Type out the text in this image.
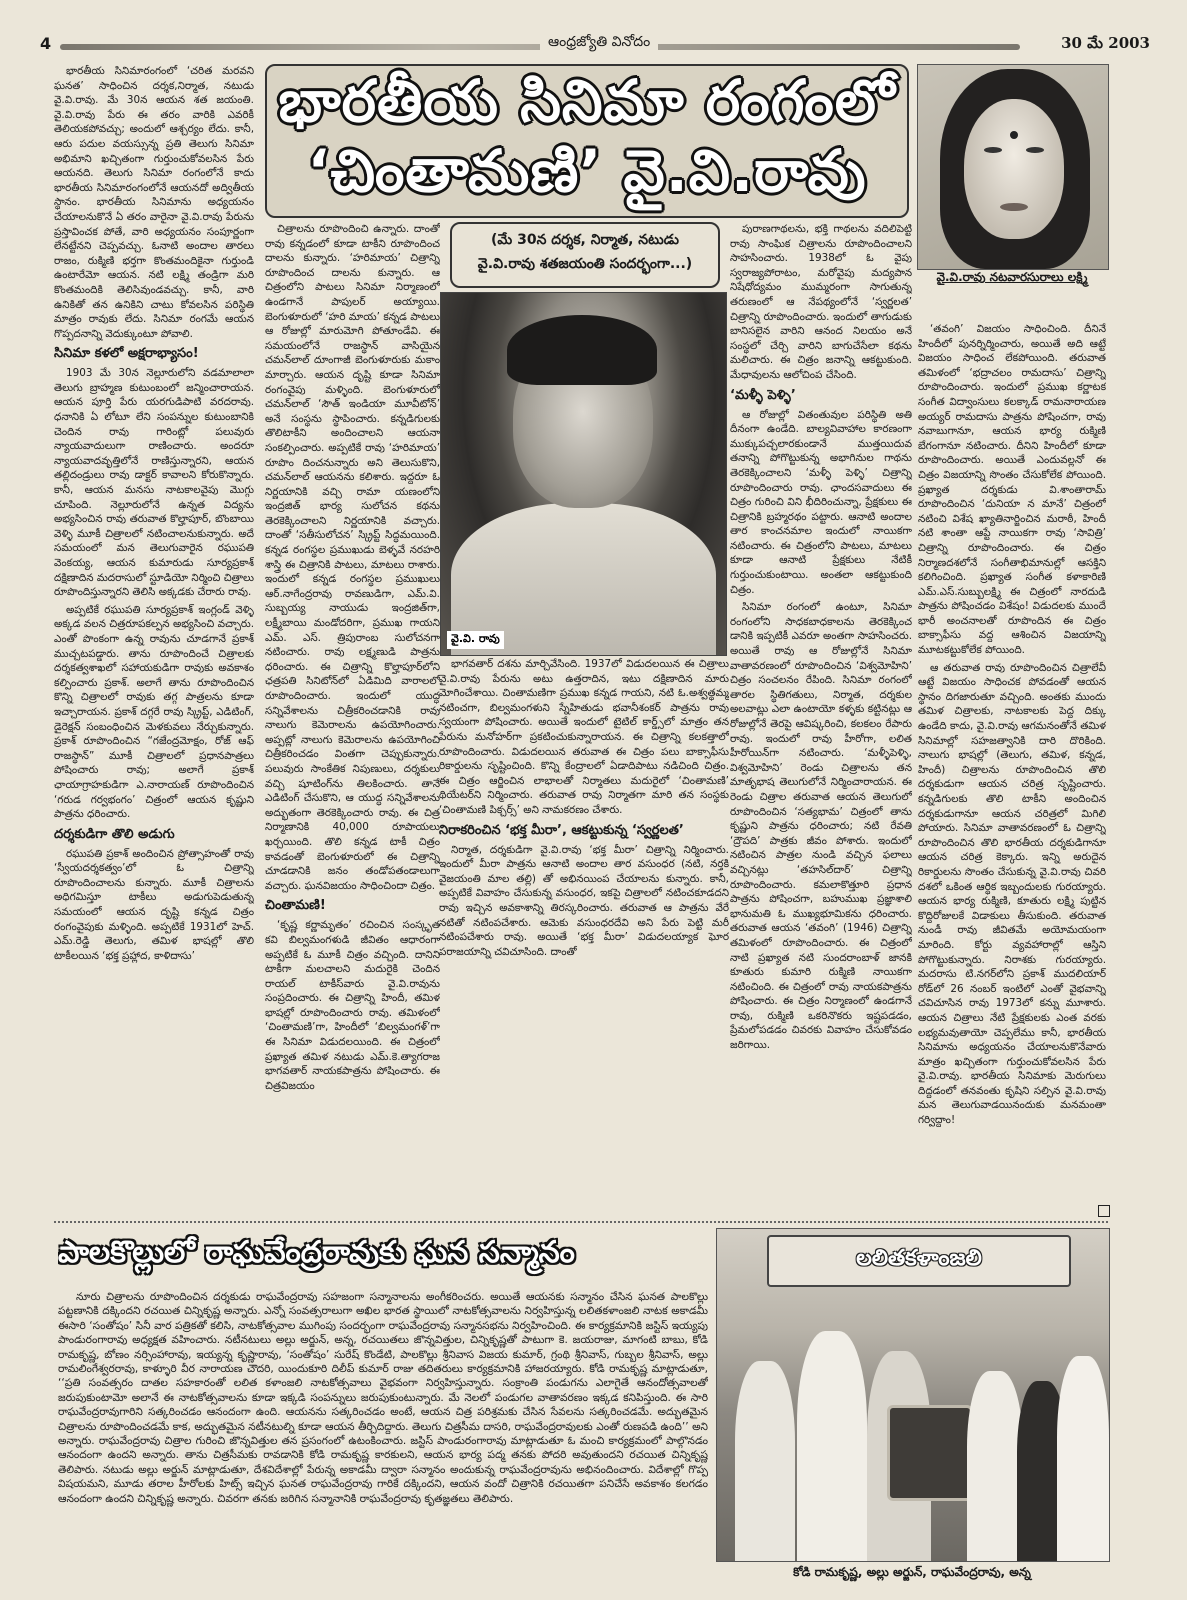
4	ఆంధ్రజ్యోతి వినోదం	30 మే 2003

భారతీయ సినిమారంగంలో ‘చరిత మరవని ఘనత’ సాధించిన దర్శక,నిర్మాత, నటుడు వై.వి.రావు. మే 30న ఆయన శత జయంతి. వై.వి.రావు పేరు ఈ తరం వారికి ఎవరికీ తెలియకపోవచ్చు; అందులో ఆశ్చర్యం లేదు. కానీ, ఆరు పదుల వయస్సున్న ప్రతి తెలుగు సినిమా అభిమాని ఖచ్చితంగా గుర్తుంచుకోవలసిన పేరు ఆయనది. తెలుగు సినిమా రంగంలోనే కాదు భారతీయ సినిమారంగంలోనే ఆయనదో అద్వితీయ స్థానం. భారతీయ సినిమాను అధ్యయనం చేయాలనుకొనే ఏ తరం వారైనా వై.వి.రావు పేరును ప్రస్తావించక పోతే, వారి అధ్యయనం సంపూర్ణంగా లేనట్టేనని చెప్పవచ్చు. ఓనాటి అందాల తారలు రాజం, రుక్మిణి భర్తగా కొంతమందికైనా గుర్తుండి ఉంటారేమో ఆయన. నటి లక్ష్మి తండ్రిగా మరి కొంతమందికి తెలిసివుండవచ్చు. కానీ, వారి ఉనికితో తన ఉనికిని చాటు కోవలసిన పరిస్థితి మాత్రం రావుకు లేదు. సినిమా రంగమే ఆయన గొప్పదనాన్ని వెదుక్కుంటూ పోవాలి.

సినిమా కళలో అక్షరాభ్యాసం!

1903 మే 30న నెల్లూరులోని వడమాలాలా తెలుగు బ్రాహ్మణ కుటుంబంలో జన్మించారాయన. ఆయన పూర్తి పేరు యరగుడిపాటి వరదరావు. ధనానికి ఏ లోటూ లేని సంపన్నుల కుటుంబానికి చెందిన రావు గారింట్లో పలువురు న్యాయవాదులుగా రాణించారు. అందరూ న్యాయవాదవృత్తిలోనే రాణిస్తున్నారని, ఆయన తల్లిదండ్రులు రావు డాక్టర్ కావాలని కోరుకొన్నారు. కానీ, ఆయన మనసు నాటకాలవైపు మొగ్గు చూపింది. నెల్లూరులోనే ఉన్నత విద్యను అభ్యసించిన రావు తరువాత కొల్హాపూర్, బొంబాయి వెళ్ళి మూకీ చిత్రాలలో నటించాలనుకున్నారు. అదే సమయంలో మన తెలుగువారైన రఘుపతి వెంకయ్య, ఆయన కుమారుడు సూర్యప్రకాశ్ దక్షిణాదిన మదరాసులో స్టూడియో నిర్మించి చిత్రాలు రూపొందిస్తున్నారని తెలిసి అక్కడకు చేరారు రావు.

అప్పటికే రఘుపతి సూర్యప్రకాశ్ ఇంగ్లండ్ వెళ్ళి అక్కడ వలన చిత్రరూపకల్పన అభ్యసించి వచ్చారు. ఎంతో పొంకంగా ఉన్న రావును చూడగానే ప్రకాశ్ ముచ్చటపడ్డారు. తాను రూపొందించే చిత్రాలకు దర్శకత్వశాఖలో సహాయకుడిగా రావుకు అవకాశం కల్పించారు ప్రకాశ్. అలాగే తాను రూపొందించిన కొన్ని చిత్రాలలో రావుకు తగ్గ పాత్రలను కూడా ఇచ్చారాయన. ప్రకాశ్ దగ్గరే రావు స్క్రిప్ట్, ఎడిటింగ్, డైరెక్షన్ సంబంధించిన మెళకువలు నేర్చుకున్నారు. ప్రకాశ్ రూపొందించిన “గజేంద్రమోక్షం, రోజ్ ఆఫ్ రాజస్థాన్” మూకీ చిత్రాలలో ప్రధానపాత్రలు పోషించారు రావు; అలాగే ప్రకాశ్ ఛాయాగ్రాహకుడిగా ఎ.నారాయణ్ రూపొందించిన ‘గరుడ గర్వభంగం’ చిత్రంలో ఆయన కృష్ణుని పాత్రను ధరించారు.

దర్శకుడిగా తొలి అడుగు

రఘుపతి ప్రకాశ్ అందించిన ప్రోత్సాహంతో రావు ‘స్వీయదర్శకత్వం’లో ఓ చిత్రాన్ని రూపొందించాలను కున్నారు. మూకీ చిత్రాలను అధిగమిస్తూ టాకీలు అడుగుపెడుతున్న సమయంలో ఆయన దృష్టి కన్నడ చిత్రం రంగంవైపుకు మళ్ళింది. అప్పటికే 1931లో హెచ్. ఎమ్.రెడ్డి తెలుగు, తమిళ భాషల్లో తొలి టాకీలయిన ‘భక్త ప్రహ్లాద, కాళిదాసు’

భారతీయ సినిమా రంగంలో
‘చింతామణి’ వై.వి.రావు
వై.వి.రావు నటవారసురాలు లక్ష్మి

చిత్రాలను రూపొందించి ఉన్నారు. దాంతో రావు కన్నడంలో కూడా టాకీని రూపొందించ దాలను కున్నారు. ‘హరిమాయ’ చిత్రాన్ని రూపొందించ దాలను కున్నారు. ఆ చిత్రంలోని పాటలు సినిమా నిర్మాణంలో ఉండగానే పాపులర్ అయ్యాయి. బెంగుళూరులో ‘హరి మాయ’ కన్నడ పాటలు ఆ రోజుల్లో మారుమోగి పోతూండేవి. ఈ సమయంలోనే రాజస్థాన్ వాసియైన చమన్‌లాల్ దూంగాజీ బెంగుళూరుకు మకాం మార్చారు. ఆయన దృష్టి కూడా సినిమా రంగంవైపు మళ్ళింది. బెంగుళూరులో చమన్‌లాల్ ‘సౌత్ ఇండియా మూవీటోన్’ అనే సంస్థను స్థాపించారు. కన్నడిగులకు తొలిటాకీని అందించాలని ఆయనా సంకల్పించారు. అప్పటికే రావు ‘హరిమాయ’ రూపొం దించనున్నారు అని తెలుసుకొని, చమన్‌లాల్ ఆయనను కలిశారు. ఇద్దరూ ఓ నిర్ణయానికి వచ్చి రామా యణంలోని ఇంద్రజిత్ భార్య సులోచన కథను తెరకెక్కించాలని నిర్ణయానికి వచ్చారు. దాంతో ‘సతీసులోచన’ స్క్రిప్ట్ సిద్ధమయింది. కన్నడ రంగస్థల ప్రముఖుడు బెళ్ళవే నరహరి శాస్త్రి ఈ చిత్రానికి పాటలు, మాటలు రాశారు. ఇందులో కన్నడ రంగస్థల ప్రముఖులు ఆర్.నాగేంద్రరావు రావణుడిగా, ఎమ్.వి. సుబ్బయ్య నాయుడు ఇంద్రజిత్‌గా, లక్ష్మీబాయి మండోదరిగా, ప్రముఖ గాయని ఎమ్. ఎస్. త్రిపురాంబ సులోచనగా నటించారు. రావు లక్ష్మణుడి పాత్రను ధరించారు. ఈ చిత్రాన్ని కొల్హాపూర్‌లోని ఛత్రపతి సినిటోన్‌లో ఏడిమిది వారాలలో రూపొందించారు. ఇందులో యుద్ధ సన్నివేశాలను చిత్రీకరించడానికి రావు నాలుగు కెమెరాలను ఉపయోగించారు. అప్పట్లో నాలుగు కెమెరాలను ఉపయోగించి చిత్రీకరించడం వింతగా చెప్పుకున్నారు. పలువురు సాంకేతిక నిపుణులు, దర్శకులు వచ్చి షూటింగ్‌ను తిలకించారు. తానే ఎడిటింగ్ చేసుకొని, ఆ యుద్ధ సన్నివేశాలను అద్భుతంగా తెరకెక్కించారు రావు. ఈ చిత్ర నిర్మాణానికి 40,000 రూపాయలు ఖర్చయింది. తొలి కన్నడ టాకీ చిత్రం కావడంతో బెంగుళూరులో ఈ చిత్రాన్ని చూడడానికి జనం తండోపతండాలుగా వచ్చారు. ఘనవిజయం సాధించిందా చిత్రం.

చింతామణి!

‘కృష్ణ కర్ణామృతం’ రచించిన సంస్కృత కవి బిల్వమంగళుడి జీవితం ఆధారంగా అప్పటికే ఓ మూకీ చిత్రం వచ్చింది. దానిని టాకీగా మలచాలని మదురైకి చెందిన రాయల్ టాకీస్‌వారు వై.వి.రావును సంప్రదించారు. ఈ చిత్రాన్ని హిందీ, తమిళ భాషల్లో రూపొందించారు రావు. తమిళంలో ‘చింతామణి’గా, హిందీలో ‘బిల్వమంగళ్’గా ఈ సినిమా విడుదలయింది. ఈ చిత్రంలో ప్రఖ్యాత తమిళ నటుడు ఎమ్.కె.త్యాగరాజ భాగవతార్ నాయకపాత్రను పోషించారు. ఈ చిత్రవిజయం

(మే 30న దర్శక, నిర్మాత, నటుడు
వై.వి.రావు శతజయంతి సందర్భంగా...)
వై.వి. రావు

భాగవతార్ దశను మార్చివేసింది. 1937లో విడుదలయిన ఈ చిత్రాలు వై.వి.రావు పేరును అటు ఉత్తరాదిన, ఇటు దక్షిణాదిన మారు మోగించేశాయి. చింతామణిగా ప్రముఖ కన్నడ గాయని, నటి ఓ.అశ్వత్థమ్మ నటించగా, బిల్వమంగళుని స్నేహితుడు భవానీశంకర్ పాత్రను రావు స్వయంగా పోషించారు. అయితే ఇందులో టైటిల్ కార్డ్స్‌లో మాత్రం తన పేరును మనోహర్‌గా ప్రకటించుకున్నారాయన. ఈ చిత్రాన్ని కలకత్తాలో రూపొందించారు. విడుదలయిన తరువాత ఈ చిత్రం పలు బాక్సాఫీసు రికార్డులను సృష్టించింది. కొన్ని కేంద్రాలలో ఏడాదిపాటు నడిచింది చిత్రం. ఈ చిత్రం ఆర్జించిన లాభాలతో నిర్మాతలు మదురైలో ‘చింతామణి’ థియేటర్‌ని నిర్మించారు. తరువాత రావు నిర్మాతగా మారి తన సంస్థకు ‘చింతామణి పిక్చర్స్’ అని నామకరణం చేశారు.

నిరాకరించిన ‘భక్త మీరా’, ఆకట్టుకున్న ‘స్వర్ణలత’

నిర్మాత, దర్శకుడిగా వై.వి.రావు ‘భక్త మీరా’ చిత్రాన్ని నిర్మించారు. ఇందులో మీరా పాత్రను ఆనాటి అందాల తార వసుంధర (నటి, నర్తకి వైజయంతి మాల తల్లి) తో అభినయింప చేయాలను కున్నారు. కానీ, అప్పటికే వివాహం చేసుకున్న వసుంధర, ఇకపై చిత్రాలలో నటించకూడదని రావు ఇచ్చిన అవకాశాన్ని తిరస్కరించారు. తరువాత ఆ పాత్రను వేరే నటితో నటింపచేశారు. ఆమెకు వసుంధరదేవి అని పేరు పెట్టి మరీ నటింపచేశారు రావు. అయితే ‘భక్త మీరా’ విడుదలయ్యాక ఘోర పరాజయాన్ని చవిచూసింది. దాంతో

పురాణగాథలను, భక్తి గాథలను వదిలిపెట్టి రావు సాంఘిక చిత్రాలను రూపొందించాలని సాహసించారు. 1938లో ఓ వైపు స్వరాజ్యపోరాటం, మరోవైపు మద్యపాన నిషేధోద్యమం ముమ్మరంగా సాగుతున్న తరుణంలో ఆ నేపథ్యంలోనే ‘స్వర్ణలత’ చిత్రాన్ని రూపొందించారు. ఇందులో తాగుడుకు బానిసలైన వారిని ఆనంద నిలయం అనే సంస్థలో చేర్చి వారిని బాగుచేసేలా కథను మలిచారు. ఈ చిత్రం జనాన్ని ఆకట్టుకుంది. మేధావులను ఆలోచింప చేసింది.

‘మళ్ళీ పెళ్ళి’

ఆ రోజుల్లో వితంతువుల పరిస్థితి అతి దీనంగా ఉండేది. బాల్యవివాహాల కారణంగా ముక్కుపచ్చలారకుండానే ముత్తయిదువ తనాన్ని పోగొట్టుకున్న అభాగినుల గాథను తెరకెక్కించాలని ‘మళ్ళీ పెళ్ళి’ చిత్రాన్ని రూపొందించారు రావు. ఛాందసవాదులు ఈ చిత్రం గురించి విని భీదిరించున్నా, ప్రేక్షకులు ఈ చిత్రానికి బ్రహ్మరథం పట్టారు. ఆనాటి అందాల తార కాంచనమాల ఇందులో నాయికగా నటించారు. ఈ చిత్రంలోని పాటలు, మాటలు కూడా ఆనాటి ప్రేక్షకులు నేటికీ గుర్తుంచుకుంటాయి. అంతలా ఆకట్టుకుంది చిత్రం.

సినిమా రంగంలో ఉంటూ, సినిమా రంగంలోని సాధకబాధకాలను తెరకెక్కించ డానికి ఇప్పటికీ ఎవరూ అంతగా సాహసించరు. అయితే రావు ఆ రోజుల్లోనే సినిమా వాతావరణంలో రూపొందించిన ‘విశ్వమోహిని’ చిత్రం సంచలనం రేపింది. సినిమా రంగంలో తారల స్థితిగతులు, నిర్మాత, దర్శకుల అలవాట్లు ఎలా ఉంటాయో కళ్ళకు కట్టినట్లు ఆ రోజుల్లోనే తెరపై ఆవిష్కరించి, కలకలం రేపారు రావు. ఇందులో రావు హీరోగా, లలిత హీరోయిన్‌గా నటించారు. ‘మళ్ళీపెళ్ళి, విశ్వమోహిని’ రెండు చిత్రాలను తన మాతృభాష తెలుగులోనే నిర్మించారాయన. ఈ రెండు చిత్రాల తరువాత ఆయన తెలుగులో రూపొందించిన ‘సత్యభామ’ చిత్రంలో తాను కృష్ణుని పాత్రను ధరించారు; నటి రేవతి ‘ద్రౌపది’ పాత్రకు జీవం పోశారు. ఇందులో నటించిన పాత్రల నుండి వచ్చిన ఫలాలు వచ్చినట్లు ‘తహసిల్‌దార్’ చిత్రాన్ని రూపొందించారు. కమలాకొత్తూరి ప్రధాన పాత్రను పోషించగా, బహుముఖ ప్రజ్ఞాశాలి భానుమతి ఓ ముఖ్యభూమికను ధరించారు. తరువాత ఆయన ‘తవంగి’ (1946) చిత్రాన్ని తమిళంలో రూపొందించారు. ఈ చిత్రంలో నాటి ప్రఖ్యాత నటి సుందరాంబాళ్ జానకి కూతురు కుమారి రుక్మిణి నాయికగా నటించింది. ఈ చిత్రంలో రావు నాయకపాత్రను పోషించారు. ఈ చిత్రం నిర్మాణంలో ఉండగానే రావు, రుక్మిణి ఒకరినొకరు ఇష్టపడడం, ప్రేమలోపడడం చివరకు వివాహం చేసుకోవడం జరిగాయి.

‘తవంగి’ విజయం సాధించింది. దీనినే హిందీలో పునర్నిర్మించారు, అయితే అది ఆట్టే విజయం సాధించ లేకపోయింది. తరువాత తమిళంలో ‘భద్రాచలం రామదాసు’ చిత్రాన్ని రూపొందించారు. ఇందులో ప్రముఖ కర్ణాటక సంగీత విద్వాంసులు కలక్కాడ్ రామనారాయణ అయ్యర్ రామదాసు పాత్రను పోషించగా, రావు నవాబుగానూ, ఆయన భార్య రుక్మిణి బేగంగానూ నటించారు. దీనిని హిందీలో కూడా రూపొందించారు. అయితే ఎందువల్లనో ఈ చిత్రం విజయాన్ని సొంతం చేసుకోలేక పోయింది. ప్రఖ్యాత దర్శకుడు వి.శాంతారామ్ రూపొందించిన ‘దునియా న మానే’ చిత్రంలో నటించి విశేష ఖ్యాతినార్జించిన మరాఠీ, హిందీ నటి శాంతా ఆప్టే నాయికగా రావు ‘సావిత్రి’ చిత్రాన్ని రూపొందించారు. ఈ చిత్రం నిర్మాణదశలోనే సంగీతాభిమానుల్లో ఆసక్తిని కలిగించింది. ప్రఖ్యాత సంగీత కళాకారిణి ఎమ్.ఎస్.సుబ్బులక్ష్మి ఈ చిత్రంలో నారదుడి పాత్రను పోషించడం విశేషం! విడుదలకు ముందే భారీ అంచనాలతో రూపొందిన ఈ చిత్రం బాక్సాఫీసు వద్ద ఆశించిన విజయాన్ని మూటకట్టుకోలేక పోయింది.

ఆ తరువాత రావు రూపొందించిన చిత్రాలేవీ ఆట్టే విజయం సాధించక పోవడంతో ఆయన స్థానం దిగజారుతూ వచ్చింది. అంతకు ముందు తమిళ చిత్రాలకు, నాటకాలకు పెద్ద దిక్కు ఉండేది కాదు, వై.వి.రావు ఆగమనంతోనే తమిళ సినిమాల్లో సహజత్వానికి దారి దొరికింది. నాలుగు భాషల్లో (తెలుగు, తమిళ, కన్నడ, హిందీ) చిత్రాలను రూపొందించిన తొలి దర్శకుడుగా ఆయన చరిత్ర సృష్టించారు. కన్నడిగులకు తొలి టాకీని అందించిన దర్శకుడుగానూ ఆయన చరిత్రలో మిగిలి పోయారు. సినిమా వాతావరణంలో ఓ చిత్రాన్ని రూపొందించిన తొలి భారతీయ దర్శకుడిగానూ ఆయన చరిత్ర కెక్కారు. ఇన్ని అరుదైన రికార్డులను సొంతం చేసుకున్న వై.వి.రావు చివరి దశలో ఒకింత ఆర్థిక ఇబ్బందులకు గురయ్యారు. ఆయన భార్య రుక్మిణి, కూతురు లక్ష్మి పుట్టిన కొద్దిరోజులకే విడాకులు తీసుకుంది. తరువాత నుండీ రావు జీవితమే అయోమయంగా మారింది. కోర్టు వ్యవహారాల్లో ఆస్తిని పోగొట్టుకున్నారు. నిరాశకు గురయ్యారు. మదరాసు టి.నగర్‌లోని ప్రకాశ్ ముదలియార్ రోడ్‌లో 26 నంబర్ ఇంటిలో ఎంతో వైభవాన్ని చవిచూసిన రావు 1973లో కన్ను మూశారు. ఆయన చిత్రాలు నేటి ప్రేక్షకులకు ఎంత వరకు లభ్యమవుతాయో చెప్పలేము కానీ, భారతీయ సినిమాను అధ్యయనం చేయాలనుకొనేవారు మాత్రం ఖచ్చితంగా గుర్తుంచుకోవలసిన పేరు వై.వి.రావు. భారతీయ సినిమాకు మెరుగులు దిద్దడంలో తనవంతు కృషిని సల్పిన వై.వి.రావు మన తెలుగువాడయినందుకు మనమంతా గర్విద్దాం!

పాలకొల్లులో రాఘవేంద్రరావుకు ఘన సన్మానం

నూరు చిత్రాలను రూపొందించిన దర్శకుడు రాఘవేంద్రరావు సహజంగా సన్మానాలను అంగీకరించరు. అయితే ఆయనకు సన్మానం చేసిన ఘనత పాలకొల్లు పట్టణానికి దక్కిందని రచయిత చిన్నికృష్ణ అన్నారు. ఎన్నో సంవత్సరాలుగా అఖిల భారత స్థాయిలో నాటకోత్సవాలను నిర్వహిస్తున్న లలితకళాంజలి నాటక అకాడమీ ఈసారి ‘సంతోషం’ సినీ వార పత్రికతో కలిసి, నాటకోత్సవాల ముగింపు సందర్భంగా రాఘవేంద్రరావు సన్మానసభను నిర్వహించింది. ఈ కార్యక్రమానికి జస్టిస్ ఇయ్యపు పాండురంగారావు అధ్యక్షత వహించారు. నటీనటులు అల్లు అర్జున్, అన్న, రచయితలు జొన్నవిత్తుల, చిన్నికృష్ణతో పాటుగా కె. జయరాజు, మాగంటి బాబు, కోడి రామకృష్ణ, బోణం నర్సింహారావు, ఇయ్యన్న కృష్ణారావు, ‘సంతోషం’ సురేష్ కొండేటి, పాలకొల్లు శ్రీనివాస విజయ కుమార్, గ్రంథి శ్రీనివాస్, గుబ్బల శ్రీనివాస్, అల్లు రామలింగేశ్వరరావు, కాళ్ళూరి వీర నారాయణ చౌదరి, యిందుకూరి దిలీప్ కుమార్ రాజు తదితరులు కార్యక్రమానికి హాజరయ్యారు. కోడి రామకృష్ణ మాట్లాడుతూ, ‘‘ప్రతి సంవత్సరం దాతల సహకారంతో లలిత కళాంజలి నాటకోత్సవాలు వైభవంగా నిర్వహిస్తున్నారు. సంక్రాంతి పండుగను ఎలాగైతే ఆనందోత్సవాలతో జరుపుకుంటామో అలానే ఈ నాటకోత్సవాలను కూడా ఇక్కడి సంపన్నులు జరుపుకుంటున్నారు. మే నెలలో పండుగల వాతావరణం ఇక్కడ కనిపిస్తుంది. ఈ సారి రాఘవేంద్రరావుగారిని సత్కరించడం ఆనందంగా ఉంది. ఆయనను సత్కరించడం అంటే, ఆయన చిత్ర పరిశ్రమకు చేసిన సేవలను సత్కరించడమే. అద్భుతమైన చిత్రాలను రూపొందించడమే కాక, అద్భుతమైన నటీనటుల్ని కూడా ఆయన తీర్చిదిద్దారు. తెలుగు చిత్రసీమ దాసరి, రాఘవేంద్రరావులకు ఎంతో రుణపడి ఉంది’’ అని అన్నారు. రాఘవేంద్రరావు చిత్రాల గురించి జొన్నవిత్తుల తన ప్రసంగంలో ఉటంకించారు. జస్టిస్ పాండురంగారావు మాట్లాడుతూ ఓ మంచి కార్యక్రమంలో పాల్గొనడం ఆనందంగా ఉందని అన్నారు. తాను చిత్రసీమకు రావడానికి కోడి రామకృష్ణ కారకులని, ఆయన భార్య పద్మ తనకు పోదరి అవుతుందని రచయిత చిన్నికృష్ణ తెలిపారు. నటుడు అల్లు అర్జున్ మాట్లాడుతూ, దేశవిదేశాల్లో పేరున్న అకాడమీ ద్వారా సన్మానం అందుకున్న రాఘవేంద్రరావును అభినందించారు. విదేశాల్లో గొప్ప విషయమని, మూడు తరాల హీరోలకు హిట్స్ ఇచ్చిన ఘనత రాఘవేంద్రరావు గారికే దక్కిందని, ఆయన వందో చిత్రానికి రచయితగా పనిచేసే అవకాశం కలగడం ఆనందంగా ఉందని చిన్నికృష్ణ అన్నారు. చివరగా తనకు జరిగిన సన్మానానికి రాఘవేంద్రరావు కృతజ్ఞతలు తెలిపారు.

లలితకళాంజలి
కోడి రామకృష్ణ, అల్లు అర్జున్, రాఘవేంద్రరావు, అన్న
